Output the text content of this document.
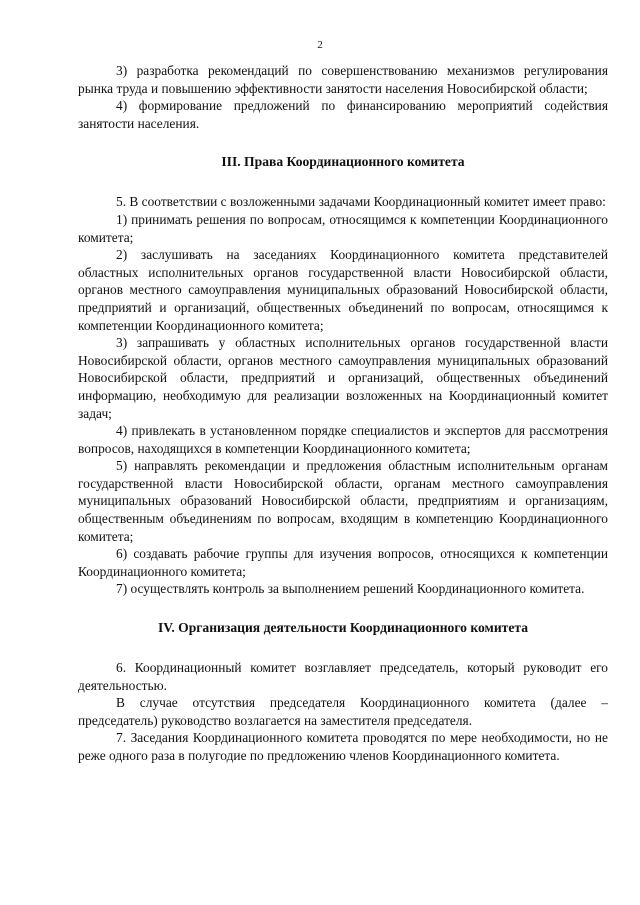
2

3) разработка рекомендаций по совершенствованию механизмов регулирования рынка труда и повышению эффективности занятости населения Новосибирской области;

4) формирование предложений по финансированию мероприятий содействия занятости населения.

III. Права Координационного комитета

5. В соответствии с возложенными задачами Координационный комитет имеет право:

1) принимать решения по вопросам, относящимся к компетенции Координационного комитета;

2) заслушивать на заседаниях Координационного комитета представителей областных исполнительных органов государственной власти Новосибирской области, органов местного самоуправления муниципальных образований Новосибирской области, предприятий и организаций, общественных объединений по вопросам, относящимся к компетенции Координационного комитета;

3) запрашивать у областных исполнительных органов государственной власти Новосибирской области, органов местного самоуправления муниципальных образований Новосибирской области, предприятий и организаций, общественных объединений информацию, необходимую для реализации возложенных на Координационный комитет задач;

4) привлекать в установленном порядке специалистов и экспертов для рассмотрения вопросов, находящихся в компетенции Координационного комитета;

5) направлять рекомендации и предложения областным исполнительным органам государственной власти Новосибирской области, органам местного самоуправления муниципальных образований Новосибирской области, предприятиям и организациям, общественным объединениям по вопросам, входящим в компетенцию Координационного комитета;

6) создавать рабочие группы для изучения вопросов, относящихся к компетенции Координационного комитета;

7) осуществлять контроль за выполнением решений Координационного комитета.

IV. Организация деятельности Координационного комитета

6. Координационный комитет возглавляет председатель, который руководит его деятельностью.

В случае отсутствия председателя Координационного комитета (далее – председатель) руководство возлагается на заместителя председателя.

7. Заседания Координационного комитета проводятся по мере необходимости, но не реже одного раза в полугодие по предложению членов Координационного комитета.
